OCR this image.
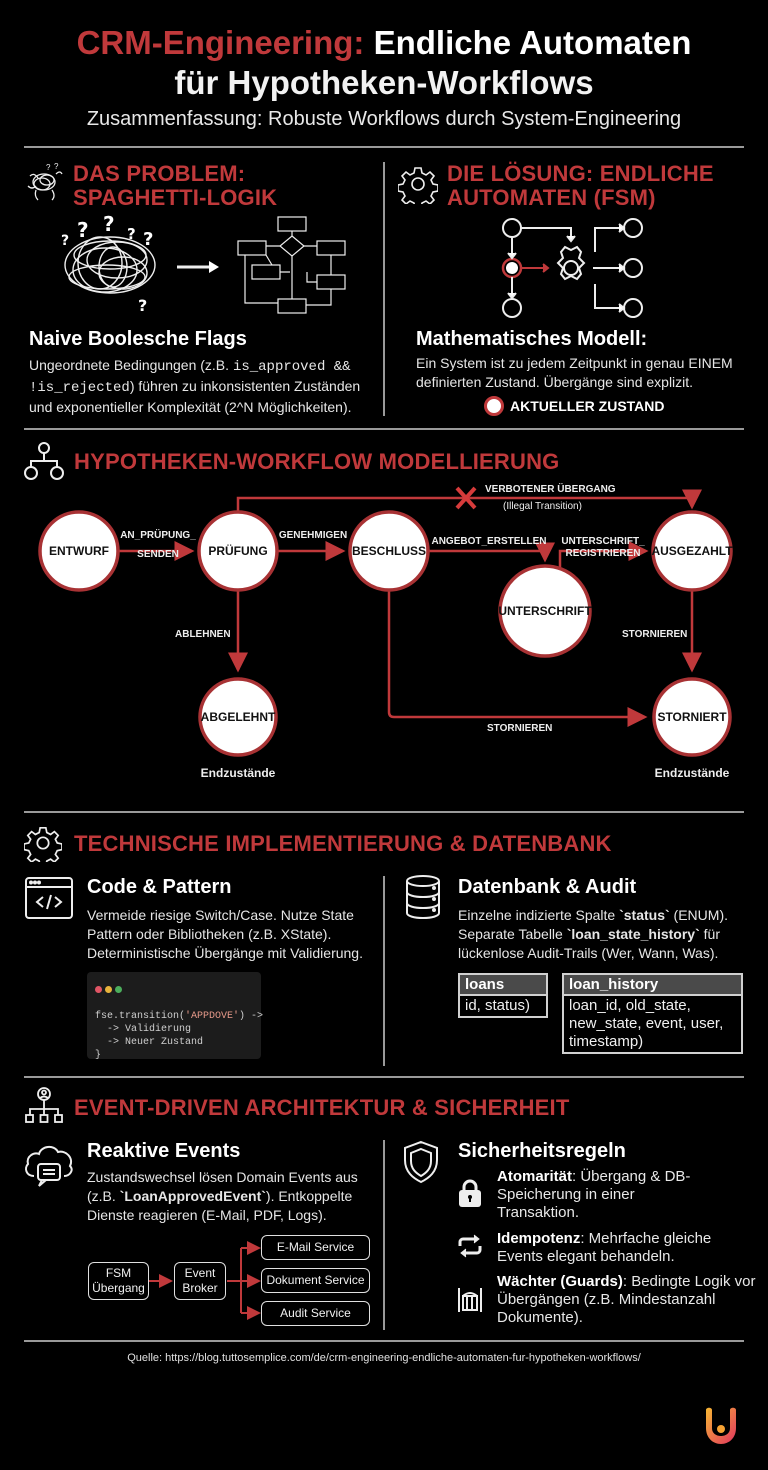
CRM-Engineering: Endliche Automaten
für Hypotheken-Workflows
Zusammenfassung: Robuste Workflows durch System-Engineering
? ? DAS PROBLEM:
SPAGHETTI-LOGIK
? ? ? ? ?
?
Naive Boolesche Flags
Ungeordnete Bedingungen (z.B. is_approved && !is_rejected) führen zu inkonsistenten Zuständen und exponentieller Komplexität (2^N Möglichkeiten).
DIE LÖSUNG: ENDLICHE
AUTOMATEN (FSM)
Mathematisches Modell:
Ein System ist zu jedem Zeitpunkt in genau EINEM definierten Zustand. Übergänge sind explizit.
AKTUELLER ZUSTAND
HYPOTHEKEN-WORKFLOW MODELLIERUNG
ENTWURF	PRÜFUNG	BESCHLUSS
UNTERSCHRIFT
AUSGEZAHLT
ABGELEHNT	STORNIERT
AN_PRÜPUNG_
SENDEN
GENEHMIGEN
ANGEBOT_ERSTELLEN UNTERSCHRIFT_
REGISTRIEREN
VERBOTENER ÜBERGANG
(Illegal Transition)
ABLEHNEN	STORNIEREN
STORNIEREN
Endzustände	Endzustände
TECHNISCHE IMPLEMENTIERUNG & DATENBANK
Code & Pattern
Vermeide riesige Switch/Case. Nutze State Pattern oder Bibliotheken (z.B. XState). Deterministische Übergänge mit Validierung.
fse.transition('APPDOVE') ->
-> Validierung
-> Neuer Zustand
}
Datenbank & Audit
Einzelne indizierte Spalte `status` (ENUM). Separate Tabelle `loan_state_history` für lückenlose Audit-Trails (Wer, Wann, Was).
loans
id, status)
loan_history
loan_id, old_state, new_state, event, user, timestamp)
EVENT-DRIVEN ARCHITEKTUR & SICHERHEIT
Reaktive Events
Zustandswechsel lösen Domain Events aus (z.B. `LoanApprovedEvent`). Entkoppelte Dienste reagieren (E-Mail, PDF, Logs).
FSM
Übergang
Event
Broker
E-Mail Service
Dokument Service
Audit Service
Sicherheitsregeln
Atomarität: Übergang & DB-Speicherung in einer Transaktion.
Idempotenz: Mehrfache gleiche Events elegant behandeln.
Wächter (Guards): Bedingte Logik vor Übergängen (z.B. Mindestanzahl Dokumente).
Quelle: https://blog.tuttosemplice.com/de/crm-engineering-endliche-automaten-fur-hypotheken-workflows/
